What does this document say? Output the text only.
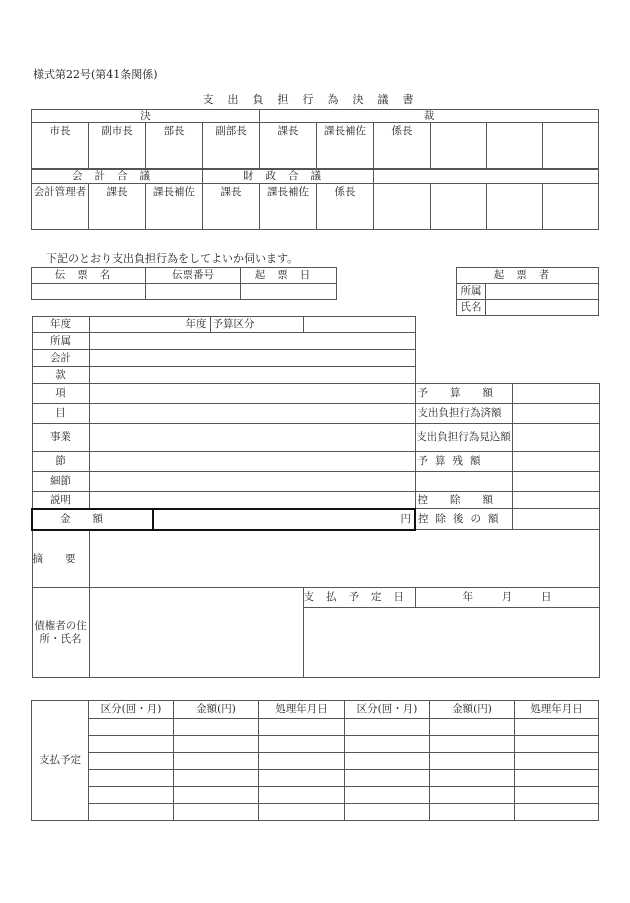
様式第22号(第41条関係)
支出負担行為決議書
決				裁					
市長	副市長	部長	副部長	課長	課長補佐	係長			
会計合議			財政合議						
会計管理者	課長	課長補佐	課長	課長補佐	係長				
下記のとおり支出負担行為をしてよいか伺います。
伝票名	伝票番号	起票日
			起票者	
所属	
氏名	
年度	年度		予算区分			
所属						
会計						
款						
項					予算額	
目					支出負担行為済額	
事業					支出負担行為見込額	
節					予算残額	
細節						
説明					控除額	
金額		円			控除後の額	
摘要						
債権者の住所・氏名				支払予定日	年 月 日	

支払予定	区分(回・月)	金額(円)	処理年月日	区分(回・月)	金額(円)	処理年月日
